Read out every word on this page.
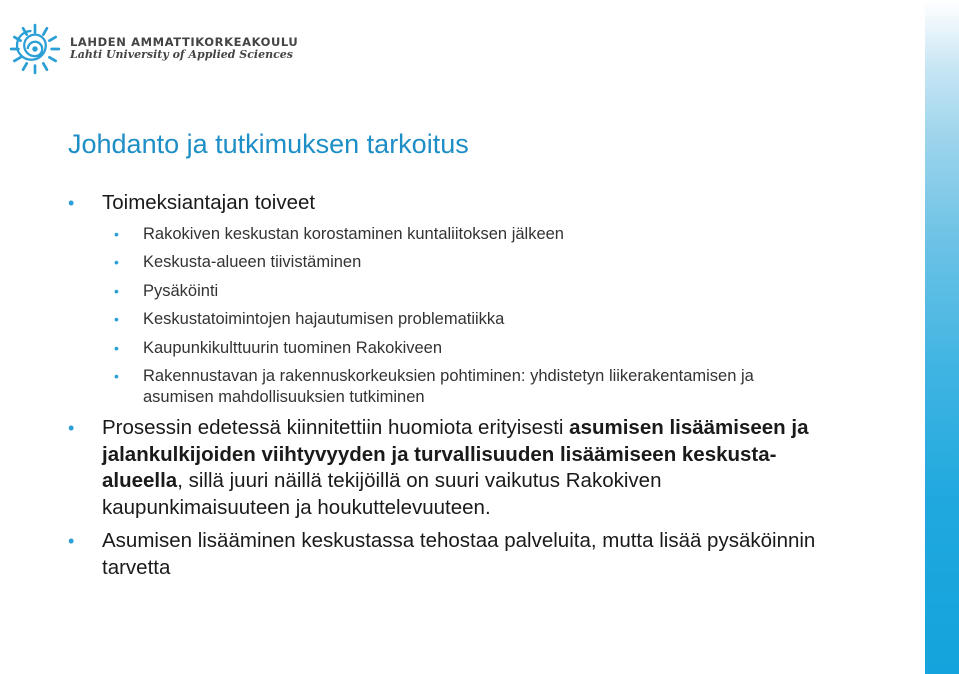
LAHDEN AMMATTIKORKEAKOULU
Lahti University of Applied Sciences
Johdanto ja tutkimuksen tarkoitus
• Toimeksiantajan toiveet
• Rakokiven keskustan korostaminen kuntaliitoksen jälkeen
• Keskusta-alueen tiivistäminen
• Pysäköinti
• Keskustatoimintojen hajautumisen problematiikka
• Kaupunkikulttuurin tuominen Rakokiveen
• Rakennustavan ja rakennuskorkeuksien pohtiminen: yhdistetyn liikerakentamisen ja asumisen mahdollisuuksien tutkiminen
• Prosessin edetessä kiinnitettiin huomiota erityisesti asumisen lisäämiseen ja jalankulkijoiden viihtyvyyden ja turvallisuuden lisäämiseen keskusta-alueella, sillä juuri näillä tekijöillä on suuri vaikutus Rakokiven kaupunkimaisuuteen ja houkuttelevuuteen.
• Asumisen lisääminen keskustassa tehostaa palveluita, mutta lisää pysäköinnin tarvetta
